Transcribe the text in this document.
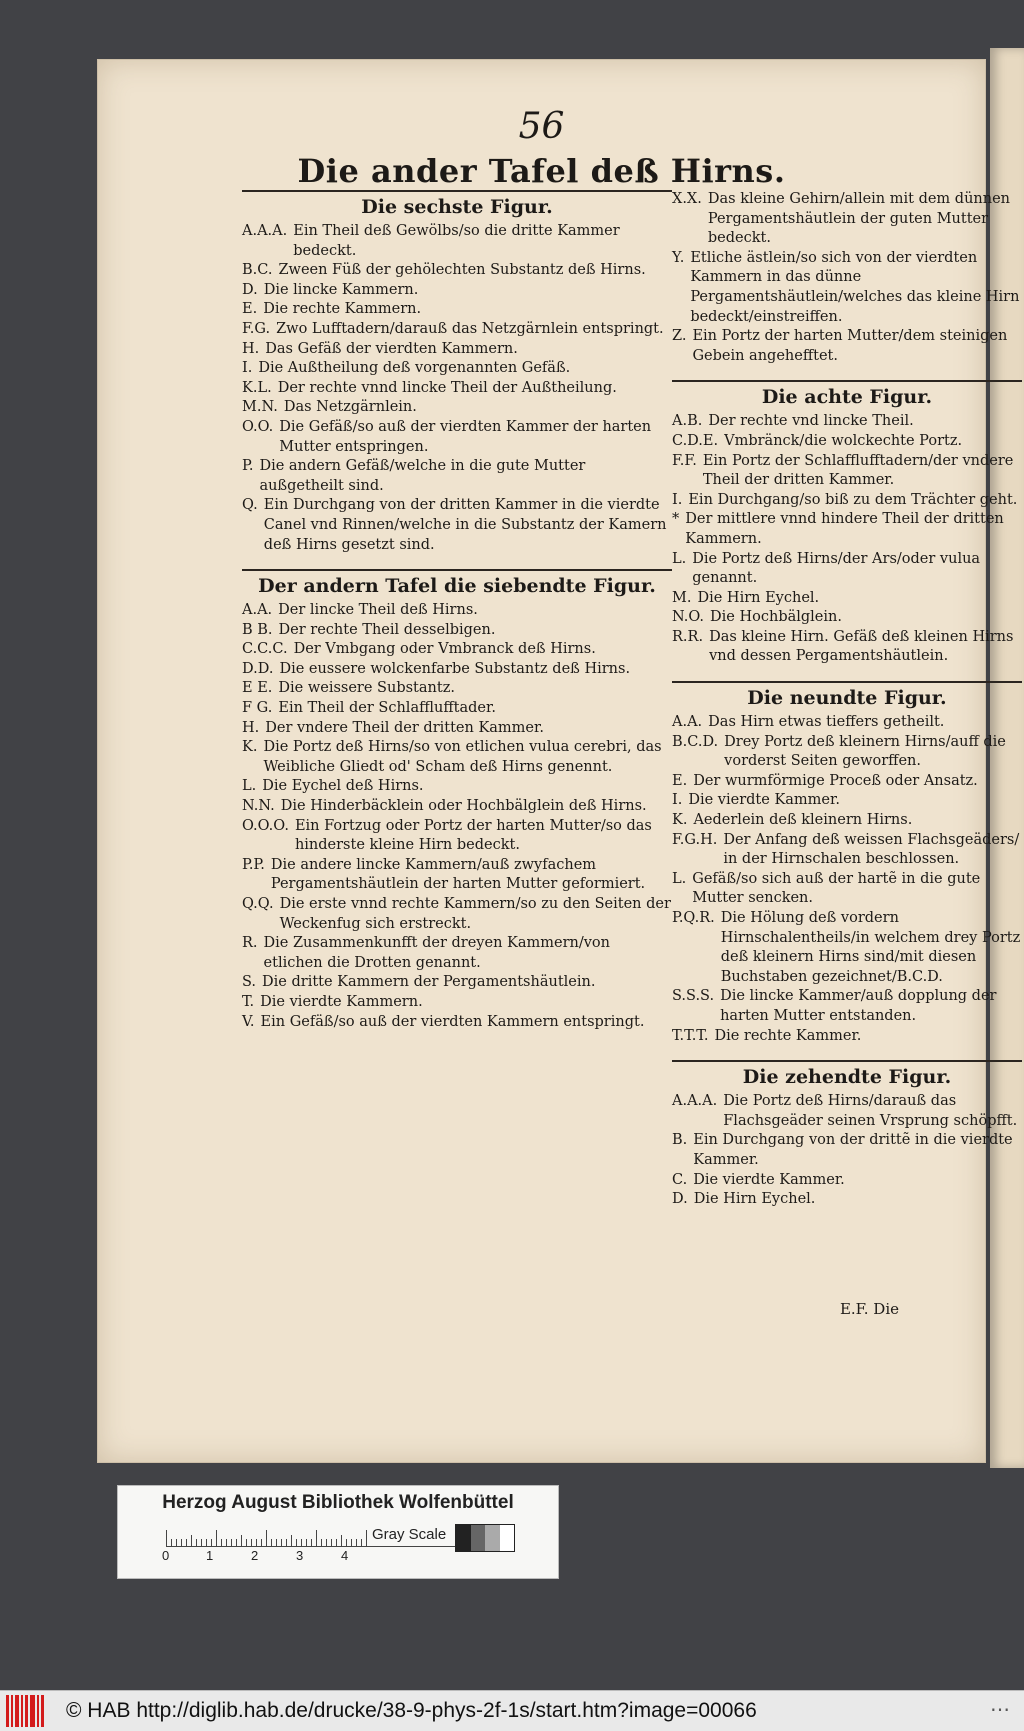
56
Die ander Tafel deß Hirns.
Die sechste Figur.
A.A.A. Ein Theil deß Gewölbs/so die dritte Kammer bedeckt.
B.C. Zween Füß der gehölechten Substantz deß Hirns.
D. Die lincke Kammern.
E. Die rechte Kammern.
F.G. Zwo Lufftadern/darauß das Netzgärnlein entspringt.
H. Das Gefäß der vierdten Kammern.
I. Die Außtheilung deß vorgenannten Gefäß.
K.L. Der rechte vnnd lincke Theil der Außtheilung.
M.N. Das Netzgärnlein.
O.O. Die Gefäß/so auß der vierdten Kammer der harten Mutter entspringen.
P. Die andern Gefäß/welche in die gute Mutter außgetheilt sind.
Q. Ein Durchgang von der dritten Kammer in die vierdte Canel vnd Rinnen/welche in die Substantz der Kamern deß Hirns gesetzt sind.
Der andern Tafel die siebendte Figur.
A.A. Der lincke Theil deß Hirns.
B B. Der rechte Theil desselbigen.
C.C.C. Der Vmbgang oder Vmbranck deß Hirns.
D.D. Die eussere wolckenfarbe Substantz deß Hirns.
E E. Die weissere Substantz.
F G. Ein Theil der Schlafflufftader.
H. Der vndere Theil der dritten Kammer.
K. Die Portz deß Hirns/so von etlichen vulua cerebri, das Weibliche Gliedt od' Scham deß Hirns genennt.
L. Die Eychel deß Hirns.
N.N. Die Hinderbäcklein oder Hochbälglein deß Hirns.
O.O.O. Ein Fortzug oder Portz der harten Mutter/so das hinderste kleine Hirn bedeckt.
P.P. Die andere lincke Kammern/auß zwyfachem Pergamentshäutlein der harten Mutter geformiert.
Q.Q. Die erste vnnd rechte Kammern/so zu den Seiten der Weckenfug sich erstreckt.
R. Die Zusammenkunfft der dreyen Kammern/von etlichen die Drotten genannt.
S. Die dritte Kammern der Pergamentshäutlein.
T. Die vierdte Kammern.
V. Ein Gefäß/so auß der vierdten Kammern entspringt.
X.X. Das kleine Gehirn/allein mit dem dünnen Pergamentshäutlein der guten Mutter bedeckt.
Y. Etliche ästlein/so sich von der vierdten Kammern in das dünne Pergamentshäutlein/welches das kleine Hirn bedeckt/einstreiffen.
Z. Ein Portz der harten Mutter/dem steinigen Gebein angehefftet.
Die achte Figur.
A.B. Der rechte vnd lincke Theil.
C.D.E. Vmbränck/die wolckechte Portz.
F.F. Ein Portz der Schlafflufftadern/der vndere Theil der dritten Kammer.
I. Ein Durchgang/so biß zu dem Trächter geht.
* Der mittlere vnnd hindere Theil der dritten Kammern.
L. Die Portz deß Hirns/der Ars/oder vulua genannt.
M. Die Hirn Eychel.
N.O. Die Hochbälglein.
R.R. Das kleine Hirn. Gefäß deß kleinen Hirns vnd dessen Pergamentshäutlein.
Die neundte Figur.
A.A. Das Hirn etwas tieffers getheilt.
B.C.D. Drey Portz deß kleinern Hirns/auff die vorderst Seiten geworffen.
E. Der wurmförmige Proceß oder Ansatz.
I. Die vierdte Kammer.
K. Aederlein deß kleinern Hirns.
F.G.H. Der Anfang deß weissen Flachsgeäders/ in der Hirnschalen beschlossen.
L. Gefäß/so sich auß der hartẽ in die gute Mutter sencken.
P.Q.R. Die Hölung deß vordern Hirnschalentheils/in welchem drey Portz deß kleinern Hirns sind/mit diesen Buchstaben gezeichnet/B.C.D.
S.S.S. Die lincke Kammer/auß dopplung der harten Mutter entstanden.
T.T.T. Die rechte Kammer.
Die zehendte Figur.
A.A.A. Die Portz deß Hirns/darauß das Flachsgeäder seinen Vrsprung schöpfft.
B. Ein Durchgang von der drittẽ in die vierdte Kammer.
C. Die vierdte Kammer.
D. Die Hirn Eychel.
E.F. Die
Herzog August Bibliothek Wolfenbüttel
0	1	2	3	4
Gray Scale
© HAB http://diglib.hab.de/drucke/38-9-phys-2f-1s/start.htm?image=00066	⋯
